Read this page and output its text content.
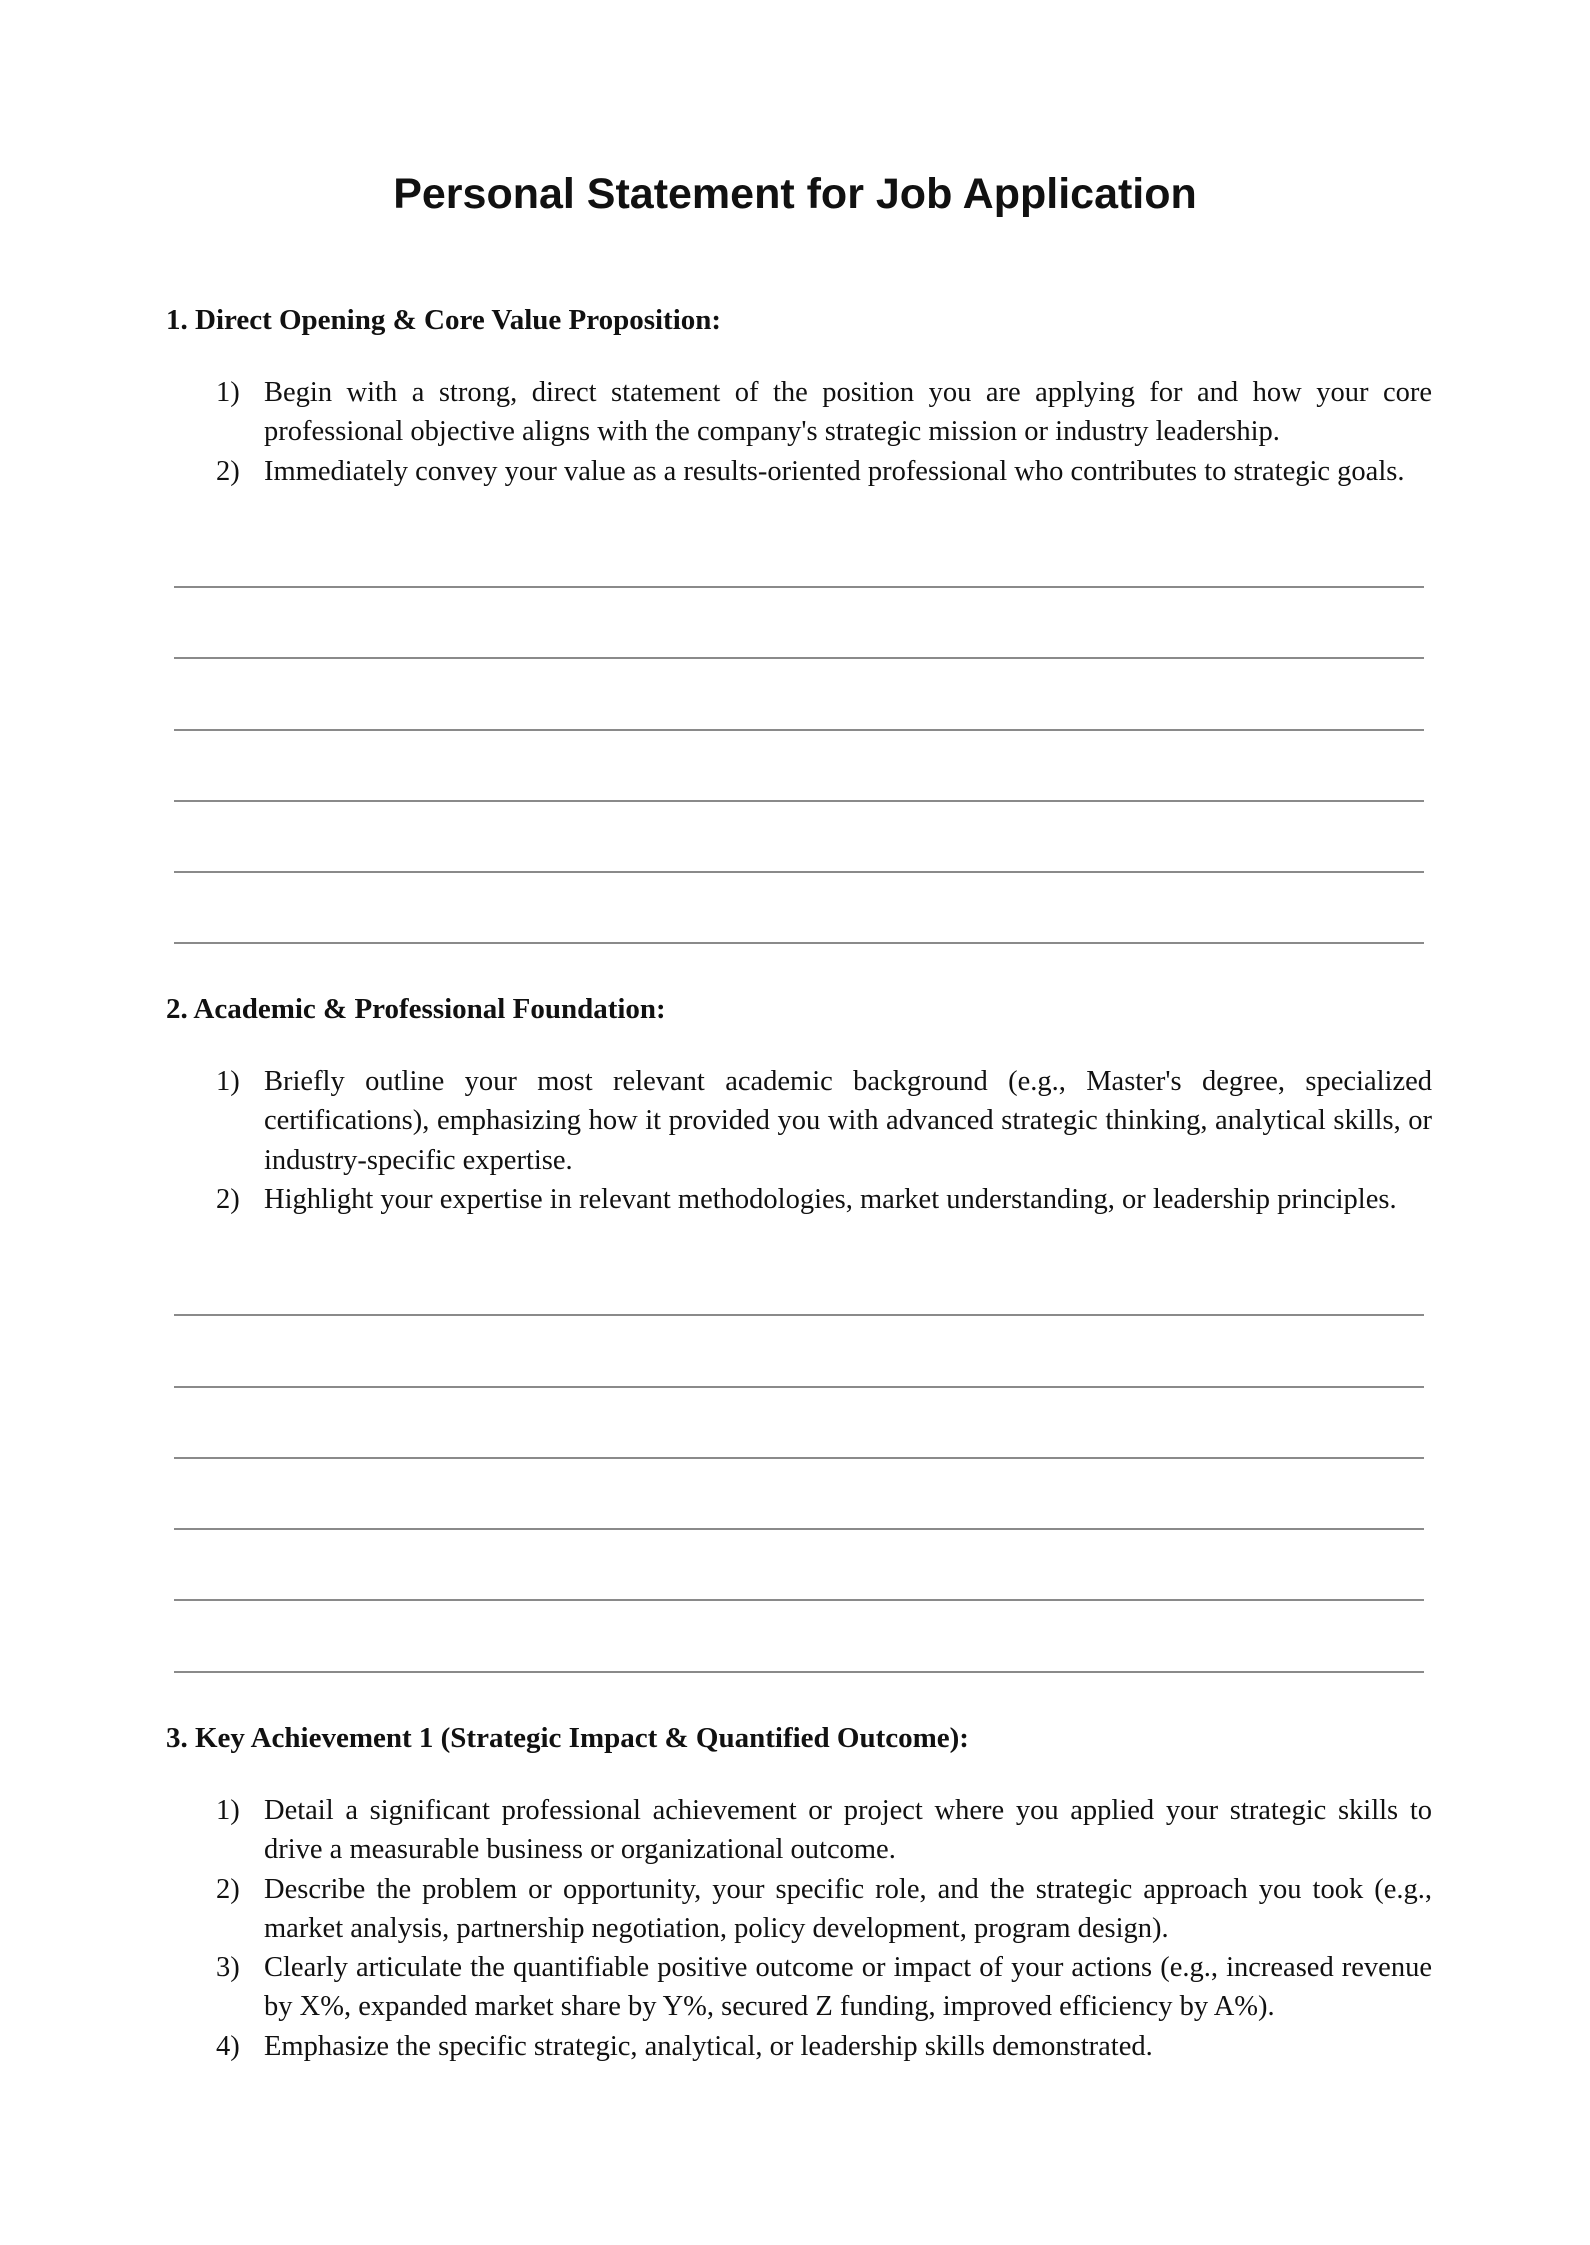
Personal Statement for Job Application
1. Direct Opening & Core Value Proposition:
1) Begin with a strong, direct statement of the position you are applying for and how your core professional objective aligns with the company's strategic mission or industry leadership.
2) Immediately convey your value as a results-oriented professional who contributes to strategic goals.
2. Academic & Professional Foundation:
1) Briefly outline your most relevant academic background (e.g., Master's degree, specialized certifications), emphasizing how it provided you with advanced strategic thinking, analytical skills, or industry-specific expertise.
2) Highlight your expertise in relevant methodologies, market understanding, or leadership principles.
3. Key Achievement 1 (Strategic Impact & Quantified Outcome):
1) Detail a significant professional achievement or project where you applied your strategic skills to drive a measurable business or organizational outcome.
2) Describe the problem or opportunity, your specific role, and the strategic approach you took (e.g., market analysis, partnership negotiation, policy development, program design).
3) Clearly articulate the quantifiable positive outcome or impact of your actions (e.g., increased revenue by X%, expanded market share by Y%, secured Z funding, improved efficiency by A%).
4) Emphasize the specific strategic, analytical, or leadership skills demonstrated.
